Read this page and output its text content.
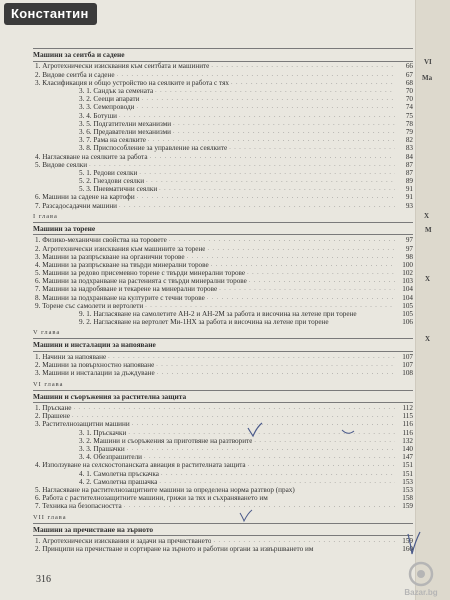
VI
Ma
X
M
X
X
Машини за сеитба и садене
1. Агротехнически изисквания към сеитбата и машините . . .	66
2. Видове сеитба и садене . . .	67
3. Класификация и общо устройство на сеялките и работа с тях . . .	68
3. 1. Сандък за семената . . .	70
3. 2. Сеещи апарати . . .	70
3. 3. Семепроводи . . .	74
3. 4. Ботуши . . .	75
3. 5. Подгатителни механизми . . .	78
3. 6. Предавателни механизми . . .	79
3. 7. Рама на сеялките . . .	82
3. 8. Приспособление за управление на сеялките . . .	83
4. Нагласяване на сеялките за работа . . .	84
5. Видове сеялки . . .	87
5. 1. Редови сеялки . . .	87
5. 2. Гнездови сеялки . . .	89
5. 3. Пневматични сеялки . . .	91
6. Машини за садене на картофи . . .	91
7. Разсадосадачни машини . . .	93
I глава
Машини за торене
1. Физико-механични свойства на торовете . . .	97
2. Агротехнически изисквания към машините за торене . . .	97
3. Машини за разпръскване на органични торове . . .	98
4. Машини за разпръскване на твърди минерални торове . . .	100
5. Машини за редово присемевно торене с твърди минерални торове . . .	102
6. Машини за подхранване на растенията с твърди минерални торове . . .	103
7. Машини за надробяване и текарене на минерални торове . . .	104
8. Машини за подхранване на културите с течни торове . . .	104
9. Торене със самолети и вертолети . . .	105
9. 1. Нагласяване на самолетите АН-2 и АН-2М за работа и височина на летене при торене	105
9. 2. Нагласяване на вертолет Ми-1НХ за работа и височина на летене при торене	106
V глава
Машини и инсталации за напояване
1. Начини за напояване . . .	107
2. Машини за повърхностно напояване . . .	107
3. Машини и инсталации за дъждуване . . .	108
VI глава
Машини и съоръжения за растителна защита
1. Пръскане . . .	112
2. Прашене . . .	115
3. Растителнозащитни машини . . .	116
3. 1. Пръскачки . . .	116
3. 2. Машини и съоръжения за приготвяне на разтворите . . .	132
3. 3. Прашачки . . .	140
3. 4. Обезпрашители . . .	147
4. Използуване на селскостопанската авиация в растителната защита . . .	151
4. 1. Самолетна пръскачка . . .	151
4. 2. Самолетна прашачка . . .	153
5. Нагласяване на растителнозащитните машини за определена норма разтвор (прах)	153
6. Работа с растителнозащитните машини, грижи за тях и съхраняването им	158
7. Техника на безопасността . . .	159
VII глава
Машини за пречистване на зърното
1. Агротехнически изисквания и задачи на пречистването . . .	159
2. Принципи на пречистване и сортиране на зърното и работни органи за извършването им	160
316
Константин
Bazar.bg
